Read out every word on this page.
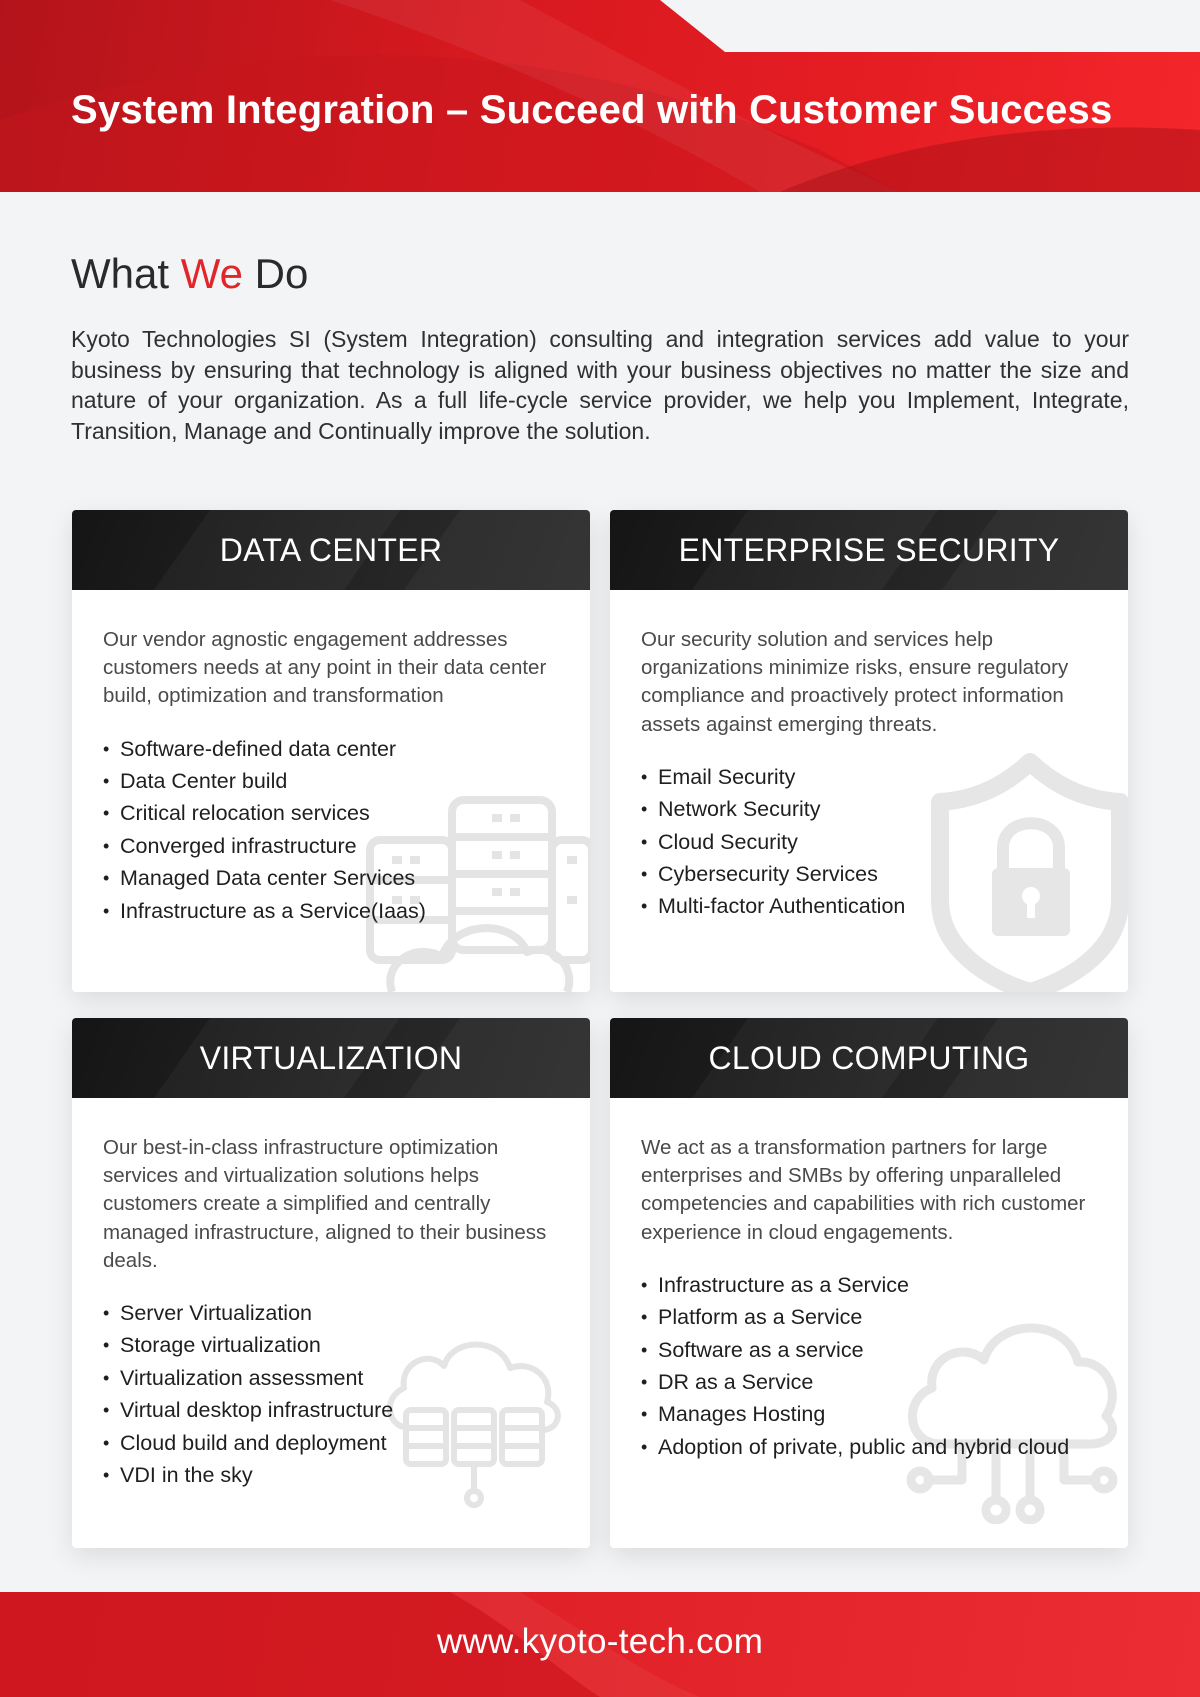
System Integration – Succeed with Customer Success
What We Do

Kyoto Technologies SI (System Integration) consulting and integration services add value to your business by ensuring that technology is aligned with your business objectives no matter the size and nature of your organization. As a full life-cycle service provider, we help you Implement, Integrate, Transition, Manage and Continually improve the solution.

DATA CENTER

Our vendor agnostic engagement addresses customers needs at any point in their data center build, optimization and transformation

• Software-defined data center
• Data Center build
• Critical relocation services
• Converged infrastructure
• Managed Data center Services
• Infrastructure as a Service(Iaas)
ENTERPRISE SECURITY

Our security solution and services help organizations minimize risks, ensure regulatory compliance and proactively protect information assets against emerging threats.

• Email Security
• Network Security
• Cloud Security
• Cybersecurity Services
• Multi-factor Authentication
VIRTUALIZATION

Our best-in-class infrastructure optimization services and virtualization solutions helps customers create a simplified and centrally managed infrastructure, aligned to their business deals.

• Server Virtualization
• Storage virtualization
• Virtualization assessment
• Virtual desktop infrastructure
• Cloud build and deployment
• VDI in the sky
CLOUD COMPUTING

We act as a transformation partners for large enterprises and SMBs by offering unparalleled competencies and capabilities with rich customer experience in cloud engagements.

• Infrastructure as a Service
• Platform as a Service
• Software as a service
• DR as a Service
• Manages Hosting
• Adoption of private, public and hybrid cloud
www.kyoto-tech.com
